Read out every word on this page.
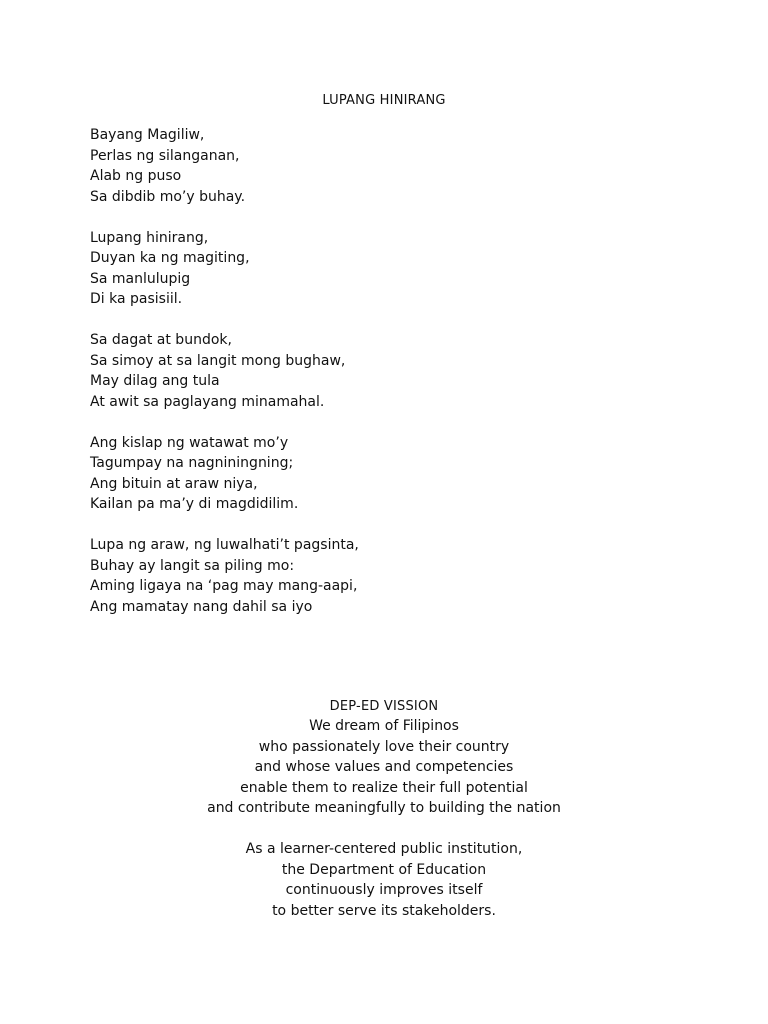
LUPANG HINIRANG
Bayang Magiliw,
Perlas ng silanganan,
Alab ng puso
Sa dibdib mo’y buhay.
Lupang hinirang,
Duyan ka ng magiting,
Sa manlulupig
Di ka pasisiil.
Sa dagat at bundok,
Sa simoy at sa langit mong bughaw,
May dilag ang tula
At awit sa paglayang minamahal.
Ang kislap ng watawat mo’y
Tagumpay na nagniningning;
Ang bituin at araw niya,
Kailan pa ma’y di magdidilim.
Lupa ng araw, ng luwalhati’t pagsinta,
Buhay ay langit sa piling mo:
Aming ligaya na ‘pag may mang-aapi,
Ang mamatay nang dahil sa iyo
DEP-ED VISSION
We dream of Filipinos
who passionately love their country
and whose values and competencies
enable them to realize their full potential
and contribute meaningfully to building the nation
As a learner-centered public institution,
the Department of Education
continuously improves itself
to better serve its stakeholders.
